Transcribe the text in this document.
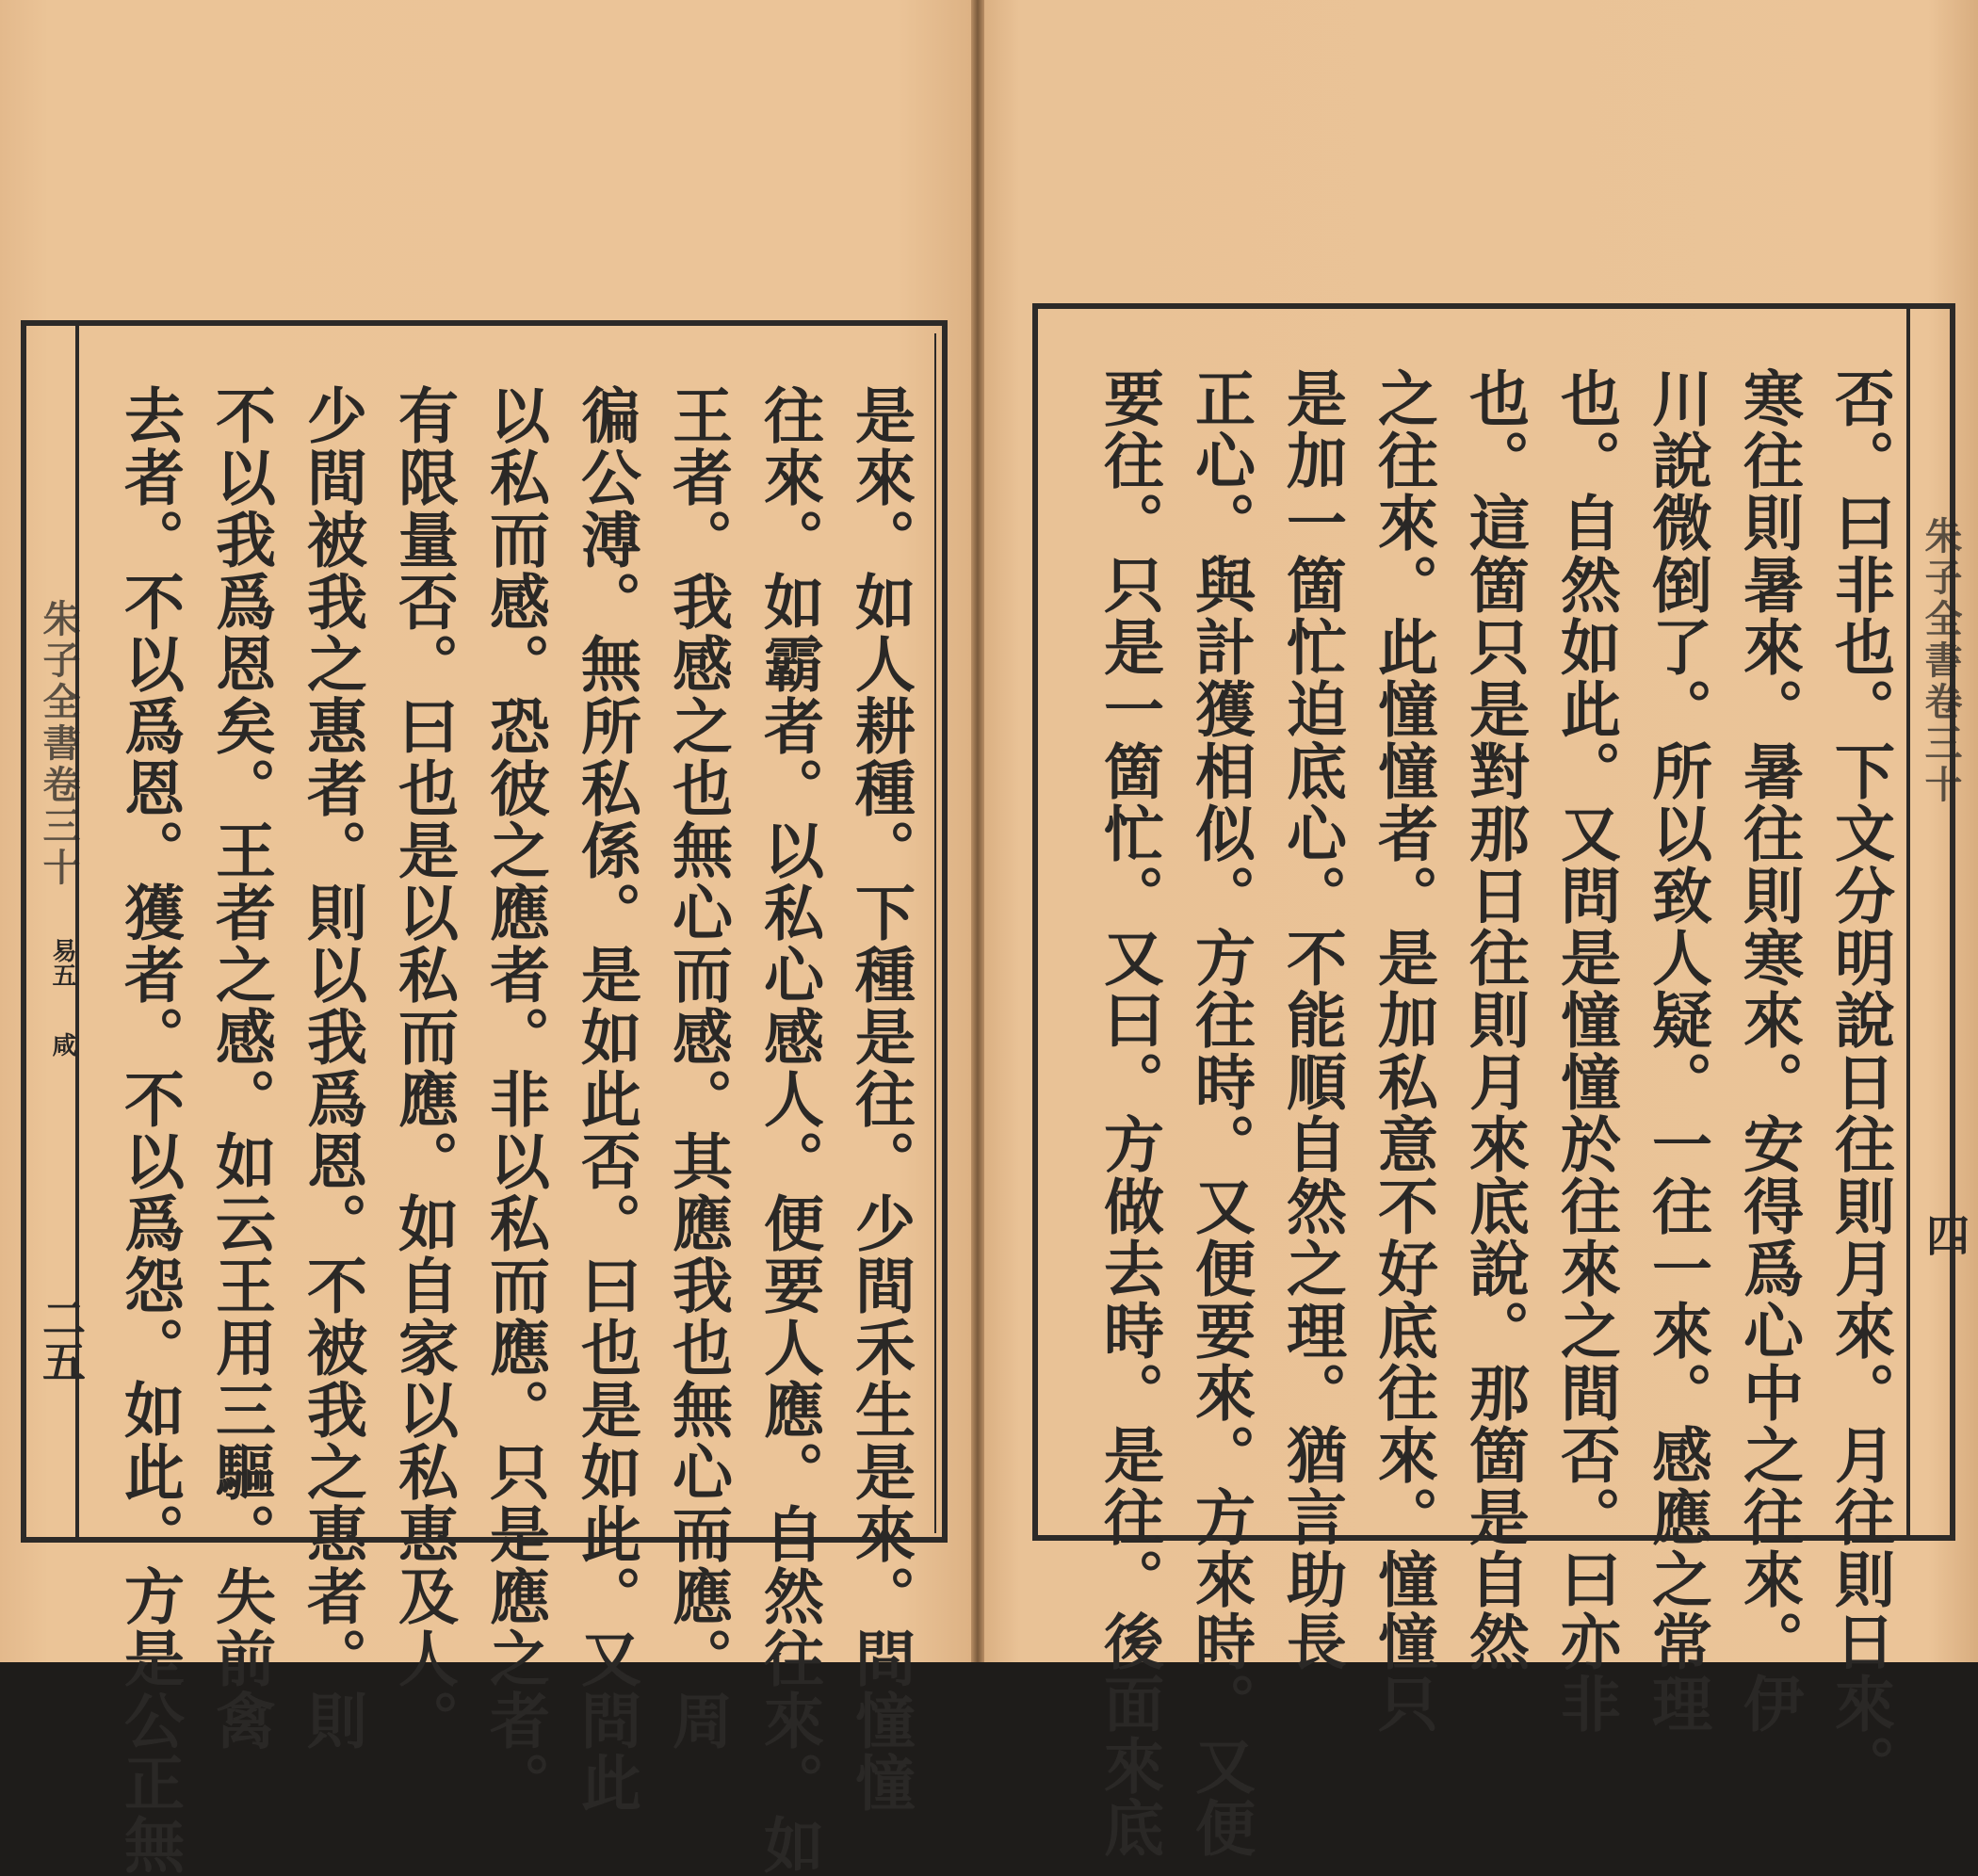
朱子全書卷三十
易五
咸
二五	是來。如人耕種。下種是往。少間禾生是來。問憧憧
往來。如霸者。以私心感人。便要人應。自然往來。如
王者。我感之也無心而感。其應我也無心而應。周
徧公溥。無所私係。是如此否。曰也是如此。又問此
以私而感。恐彼之應者。非以私而應。只是應之者。
有限量否。曰也是以私而應。如自家以私惠及人。
少間被我之惠者。則以我爲恩。不被我之惠者。則
不以我爲恩矣。王者之感。如云王用三驅。失前禽
去者。不以爲恩。獲者。不以爲怨。如此。方是公正無	朱子全書卷三十
四
否。曰非也。下文分明說日往則月來。月往則日來。
寒往則暑來。暑往則寒來。安得爲心中之往來。伊
川說微倒了。所以致人疑。一往一來。感應之常理
也。自然如此。又問是憧憧於往來之間否。曰亦非
也。這箇只是對那日往則月來底說。那箇是自然
之往來。此憧憧者。是加私意不好底往來。憧憧只
是加一箇忙迫底心。不能順自然之理。猶言助長
正心。與計獲相似。方往時。又便要來。方來時。又便
要往。只是一箇忙。又曰。方做去時。是往。後面來底
